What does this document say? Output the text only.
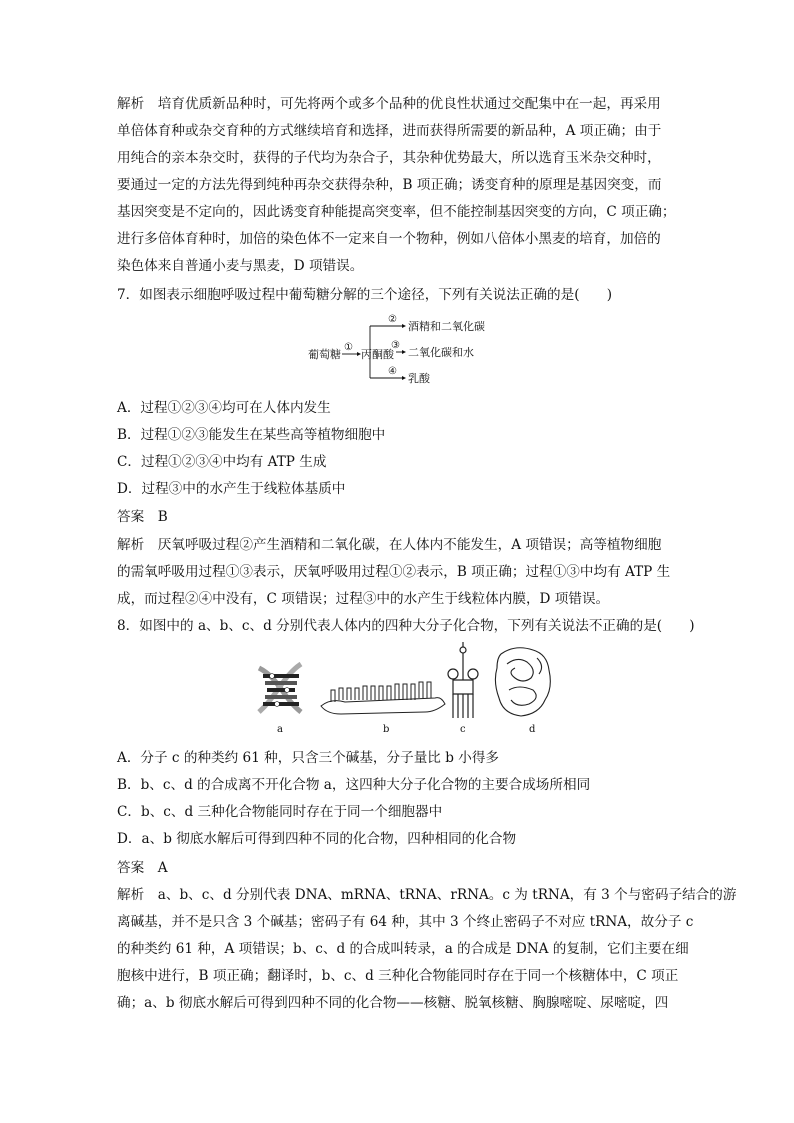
解析　培育优质新品种时，可先将两个或多个品种的优良性状通过交配集中在一起，再采用
单倍体育种或杂交育种的方式继续培育和选择，进而获得所需要的新品种，A 项正确；由于
用纯合的亲本杂交时，获得的子代均为杂合子，其杂种优势最大，所以选育玉米杂交种时，
要通过一定的方法先得到纯种再杂交获得杂种，B 项正确；诱变育种的原理是基因突变，而
基因突变是不定向的，因此诱变育种能提高突变率，但不能控制基因突变的方向，C 项正确；
进行多倍体育种时，加倍的染色体不一定来自一个物种，例如八倍体小黑麦的培育，加倍的
染色体来自普通小麦与黑麦，D 项错误。
7．如图表示细胞呼吸过程中葡萄糖分解的三个途径，下列有关说法正确的是(　　)
葡萄糖
①
丙酮酸
②
③
④
酒精和二氧化碳
二氧化碳和水
乳酸
A．过程①②③④均可在人体内发生
B．过程①②③能发生在某些高等植物细胞中
C．过程①②③④中均有 ATP 生成
D．过程③中的水产生于线粒体基质中
答案　B
解析　厌氧呼吸过程②产生酒精和二氧化碳，在人体内不能发生，A 项错误；高等植物细胞
的需氧呼吸用过程①③表示，厌氧呼吸用过程①②表示，B 项正确；过程①③中均有 ATP 生
成，而过程②④中没有，C 项错误；过程③中的水产生于线粒体内膜，D 项错误。
8．如图中的 a、b、c、d 分别代表人体内的四种大分子化合物，下列有关说法不正确的是(　　)
a	b	c	d
A．分子 c 的种类约 61 种，只含三个碱基，分子量比 b 小得多
B．b、c、d 的合成离不开化合物 a，这四种大分子化合物的主要合成场所相同
C．b、c、d 三种化合物能同时存在于同一个细胞器中
D．a、b 彻底水解后可得到四种不同的化合物，四种相同的化合物
答案　A
解析　a、b、c、d 分别代表 DNA、mRNA、tRNA、rRNA。c 为 tRNA，有 3 个与密码子结合的游
离碱基，并不是只含 3 个碱基；密码子有 64 种，其中 3 个终止密码子不对应 tRNA，故分子 c
的种类约 61 种，A 项错误；b、c、d 的合成叫转录，a 的合成是 DNA 的复制，它们主要在细
胞核中进行，B 项正确；翻译时，b、c、d 三种化合物能同时存在于同一个核糖体中，C 项正
确；a、b 彻底水解后可得到四种不同的化合物——核糖、脱氧核糖、胸腺嘧啶、尿嘧啶，四
